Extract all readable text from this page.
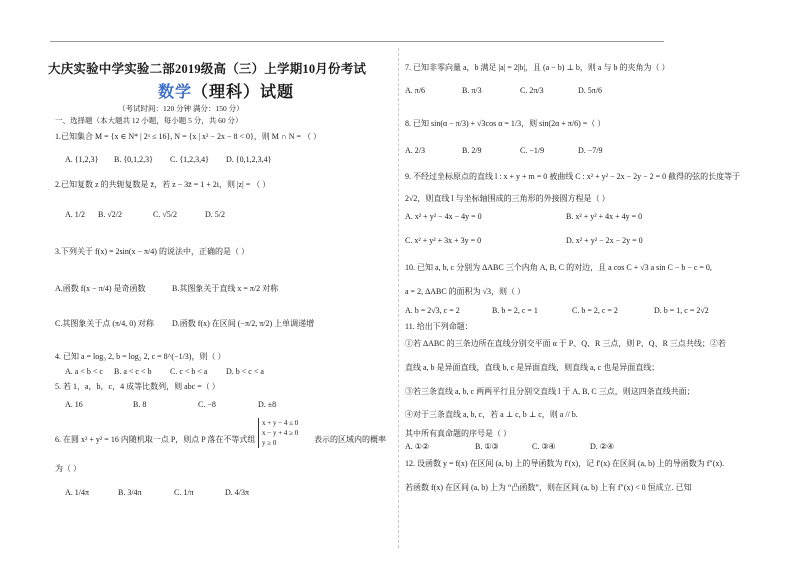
大庆实验中学实验二部2019级高（三）上学期10月份考试
数学（理科）试题
（考试时间：120 分钟 满分：150 分）
一、选择题（本大题共 12 小题，每小题 5 分，共 60 分）
1.已知集合 M = {x ∈ N* | 2ˣ ≤ 16}, N = {x | x² − 2x − 8 < 0}，则 M ∩ N = （ ）
A. {1,2,3} B. {0,1,2,3} C. {1,2,3,4} D. {0,1,2,3,4}
2.已知复数 z 的共轭复数是 z̄，若 z − 3z̄ = 1 + 2i，则 |z| = （ ）
A. 1/2 B. √2/2	C. √5/2	D. 5/2
3.下列关于 f(x) = 2sin(x − π/4) 的说法中，正确的是（ ）
A.函数 f(x − π/4) 是奇函数	B.其图象关于直线 x = π/2 对称
C.其图象关于点 (π/4, 0) 对称 D.函数 f(x) 在区间 (−π/2, π/2) 上单调递增
4. 已知 a = log₃ 2, b = log₂ 2, c = 8^(−1/3)，则（ ）
A. a < b < c B. a < c < b C. c < b < a D. b < c < a
5. 若 1，a，b，c，4 成等比数列，则 abc =（ ）
A. 16	B. 8	C. −8	D. ±8
6. 在圆 x² + y² = 16 内随机取一点 P，则点 P 落在不等式组
x + y − 4 ≤ 0
x − y + 4 ≥ 0
y ≥ 0	表示的区域内的概率
为（ ）
A. 1/4π	B. 3/4π	C. 1/π	D. 4/3π
7. 已知非零向量 a，b 满足 |a| = 2|b|，且 (a − b) ⊥ b，则 a 与 b 的夹角为（ ）
A. π/6	B. π/3	C. 2π/3	D. 5π/6
8. 已知 sin(α − π/3) + √3cos α = 1/3，则 sin(2α + π/6) =（ ）
A. 2/3	B. 2/9	C. −1/9	D. −7/9
9. 不经过坐标原点的直线 l : x + y + m = 0 被曲线 C : x² + y² − 2x − 2y − 2 = 0 截得的弦的长度等于
2√2，则直线 l 与坐标轴围成的三角形的外接圆方程是（ ）
A. x² + y² − 4x − 4y = 0	B. x² + y² + 4x + 4y = 0
C. x² + y² + 3x + 3y = 0	D. x² + y² − 2x − 2y = 0
10. 已知 a, b, c 分别为 ΔABC 三个内角 A, B, C 的对边，且 a cos C + √3 a sin C − b − c = 0,
a = 2, ΔABC 的面积为 √3，则（ ）
A. b = 2√3, c = 2	B. b = 2, c = 1	C. b = 2, c = 2	D. b = 1, c = 2√2
11. 给出下列命题：
①若 ΔABC 的三条边所在直线分别交平面 α 于 P、Q、R 三点，则 P、Q、R 三点共线；②若
直线 a, b 是异面直线，直线 b, c 是异面直线，则直线 a, c 也是异面直线；
③若三条直线 a, b, c 两两平行且分别交直线 l 于 A, B, C 三点，则这四条直线共面；
④对于三条直线 a, b, c，若 a ⊥ c, b ⊥ c，则 a // b.
其中所有真命题的序号是（ ）
A. ①②	B. ①③	C. ③④	D. ②④
12. 设函数 y = f(x) 在区间 (a, b) 上的导函数为 f′(x)，记 f′(x) 在区间 (a, b) 上的导函数为 f″(x).
若函数 f(x) 在区间 (a, b) 上为 “凸函数”，则在区间 (a, b) 上有 f″(x) < 0 恒成立. 已知
